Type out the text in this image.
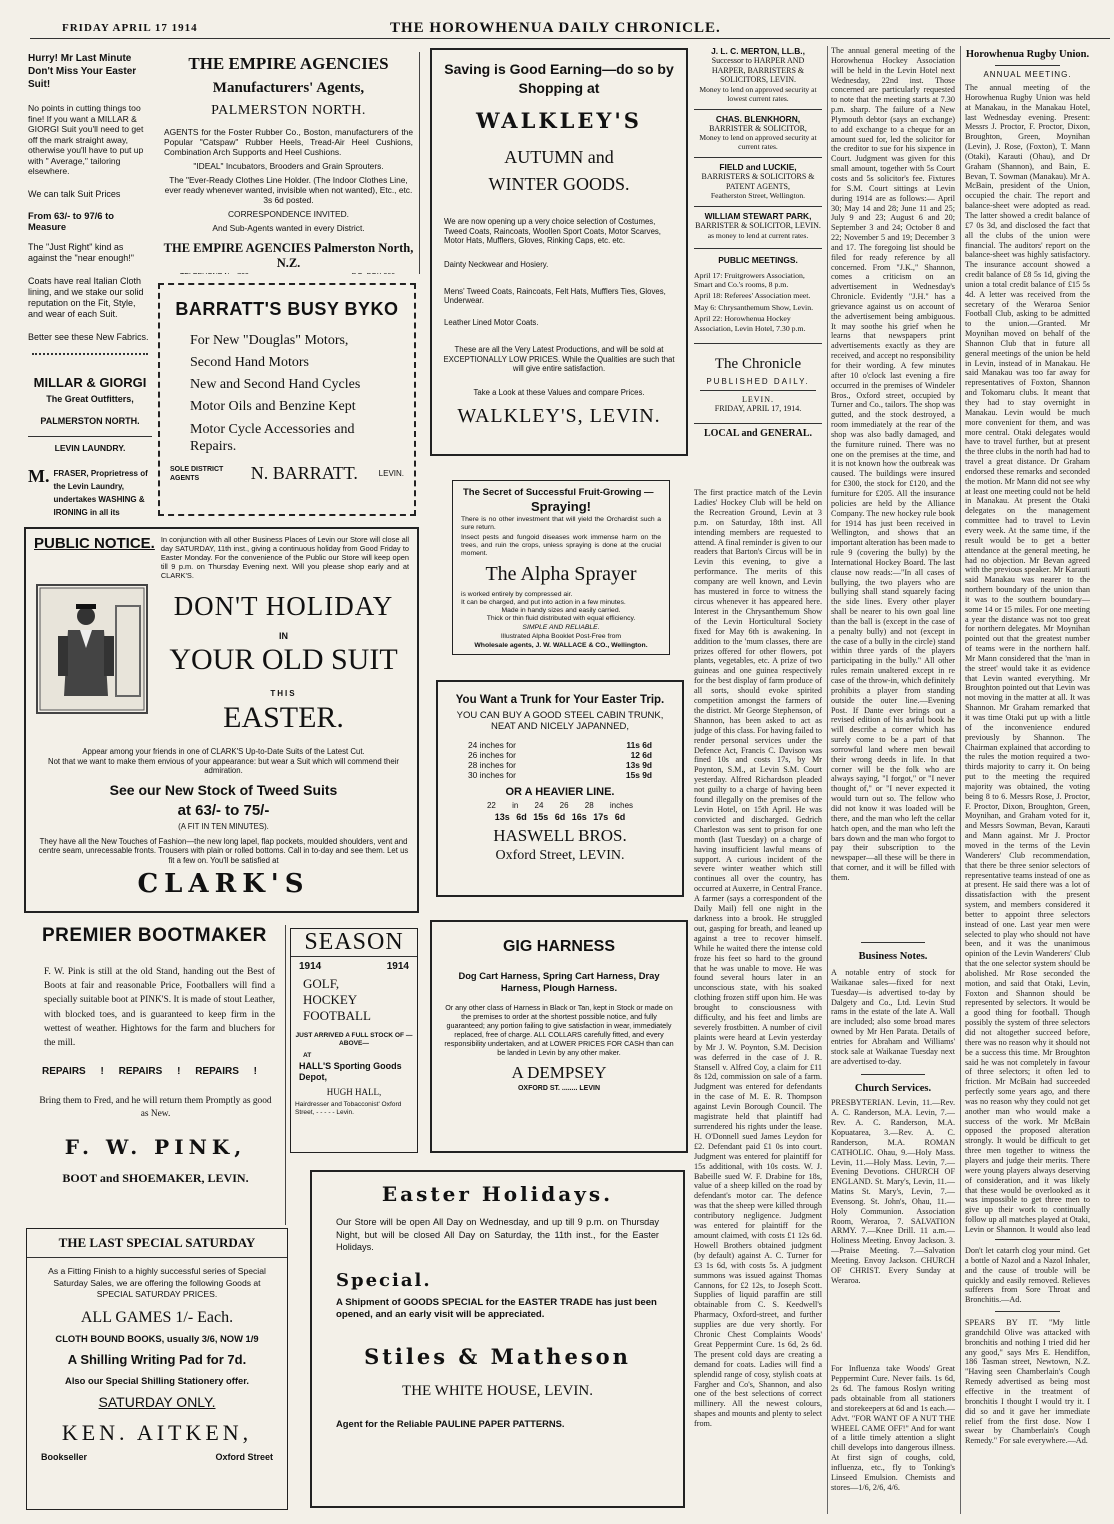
FRIDAY APRIL 17 1914	THE HOROWHENUA DAILY CHRONICLE.
Hurry! Mr Last Minute
Don't Miss Your Easter Suit!
No points in cutting things too fine! If you want a MILLAR & GIORGI Suit you'll need to get off the mark straight away, otherwise you'll have to put up with " Average," tailoring elsewhere.
We can talk Suit Prices
From 63/- to 97/6 to Measure
The "Just Right" kind as against the "near enough!"
Coats have real Italian Cloth lining, and we stake our solid reputation on the Fit, Style, and wear of each Suit.
Better see these New Fabrics.
MILLAR & GIORGI
The Great Outfitters,
PALMERSTON NORTH.
LEVIN LAUNDRY.
M. FRASER, Proprietress of the Levin Laundry, undertakes WASHING & IRONING in all its
THE EMPIRE AGENCIES
Manufacturers' Agents,
PALMERSTON NORTH.
AGENTS for the Foster Rubber Co., Boston, manufacturers of the Popular "Catspaw" Rubber Heels, Tread-Air Heel Cushions, Combination Arch Supports and Heel Cushions.
"IDEAL" Incubators, Brooders and Grain Sprouters.
The "Ever-Ready Clothes Line Holder. (The Indoor Clothes Line, ever ready whenever wanted, invisible when not wanted), Etc., etc. 3s 6d posted.
CORRESPONDENCE INVITED.
And Sub-Agents wanted in every District.
THE EMPIRE AGENCIES Palmerston North, N.Z.
BARRATT'S BUSY BYKO
For New "Douglas" Motors,
Second Hand Motors
New and Second Hand Cycles
Motor Oils and Benzine Kept
Motor Cycle Accessories and Repairs.
SOLE DISTRICT AGENTS	N. BARRATT.	LEVIN.
Saving is Good Earning—do so by Shopping at
WALKLEY'S
AUTUMN and
WINTER GOODS.
We are now opening up a very choice selection of Costumes, Tweed Coats, Raincoats, Woollen Sport Coats, Motor Scarves, Motor Hats, Mufflers, Gloves, Rinking Caps, etc. etc.
Dainty Neckwear and Hosiery.
Mens' Tweed Coats, Raincoats, Felt Hats, Mufflers Ties, Gloves, Underwear.
Leather Lined Motor Coats.
These are all the Very Latest Productions, and will be sold at EXCEPTIONALLY LOW PRICES. While the Qualities are such that will give entire satisfaction.
Take a Look at these Values and compare Prices.
WALKLEY'S, LEVIN.
The Secret of Successful Fruit-Growing —
Spraying!
There is no other investment that will yield the Orchardist such a sure return.
Insect pests and fungoid diseases work immense harm on the trees, and ruin the crops, unless spraying is done at the crucial moment.
The Alpha Sprayer
is worked entirely by compressed air.
It can be charged, and put into action in a few minutes.
Made in handy sizes and easily carried.
Thick or thin fluid distributed with equal efficiency.
SIMPLE AND RELIABLE.
Illustrated Alpha Booklet Post-Free from
Wholesale agents, J. W. WALLACE & CO., Wellington.
PUBLIC NOTICE. In conjunction with all other Business Places of Levin our Store will close all day SATURDAY, 11th inst., giving a continuous holiday from Good Friday to Easter Monday. For the convenience of the Public our Store will keep open till 9 p.m. on Thursday Evening next. Will you please shop early and at CLARK'S.
DON'T HOLIDAY
IN
YOUR OLD SUIT
THIS
EASTER.
Appear among your friends in one of CLARK'S Up-to-Date Suits of the Latest Cut.
Not that we want to make them envious of your appearance: but wear a Suit which will commend their admiration.
See our New Stock of Tweed Suits
at 63/- to 75/-
(A FIT IN TEN MINUTES).
They have all the New Touches of Fashion—the new long lapel, flap pockets, moulded shoulders, vent and centre seam, unrecessable fronts. Trousers with plain or rolled bottoms. Call in to-day and see them. Let us fit a few on. You'll be satisfied at
CLARK'S
You Want a Trunk for Your Easter Trip.
YOU CAN BUY A GOOD STEEL CABIN TRUNK, NEAT AND NICELY JAPANNED,
24 inches for	11s 6d
26 inches for	12 6d
28 inches for	13s 9d
30 inches for	15s 9d
OR A HEAVIER LINE.
22 in 24 26 28 inches
13s 6d 15s 6d 16s 17s 6d
HASWELL BROS.
Oxford Street, LEVIN.
PREMIER BOOTMAKER
F. W. Pink is still at the old Stand, handing out the Best of Boots at fair and reasonable Price, Footballers will find a specially suitable boot at PINK'S. It is made of stout Leather, with blocked toes, and is guaranteed to keep firm in the wettest of weather. Hightows for the farm and bluchers for the mill.
REPAIRS ! REPAIRS ! REPAIRS !
Bring them to Fred, and he will return them Promptly as good as New.
F. W. PINK,
BOOT and SHOEMAKER, LEVIN.
THE LAST SPECIAL SATURDAY
As a Fitting Finish to a highly successful series of Special Saturday Sales, we are offering the following Goods at SPECIAL SATURDAY PRICES.
ALL GAMES 1/- Each.
CLOTH BOUND BOOKS, usually 3/6, NOW 1/9
A Shilling Writing Pad for 7d.
Also our Special Shilling Stationery offer.
SATURDAY ONLY.
KEN. AITKEN,
Bookseller	Oxford Street
SEASON
1914	1914
GOLF,
HOCKEY
FOOTBALL
JUST ARRIVED A FULL STOCK OF —ABOVE—
AT
HALL'S Sporting Goods Depot,
HUGH HALL,
Hairdresser and Tobacconist' Oxford Street, - - - - - Levin.
GIG HARNESS
Dog Cart Harness, Spring Cart Harness, Dray Harness, Plough Harness.
Or any other class of Harness in Black or Tan, kept in Stock or made on the premises to order at the shortest possible notice, and fully guaranteed; any portion failing to give satisfaction in wear, immediately replaced, free of charge. ALL COLLARS carefully fitted, and every responsibility undertaken, and at LOWER PRICES FOR CASH than can be landed in Levin by any other maker.
A DEMPSEY
OXFORD ST. ........ LEVIN
Easter Holidays.
Our Store will be open All Day on Wednesday, and up till 9 p.m. on Thursday Night, but will be closed All Day on Saturday, the 11th inst., for the Easter Holidays.
Special.
A Shipment of GOODS SPECIAL for the EASTER TRADE has just been opened, and an early visit will be appreciated.
Stiles & Matheson
THE WHITE HOUSE, LEVIN.
Agent for the Reliable PAULINE PAPER PATTERNS.
J. L. C. MERTON, LL.B.,
Successor to HARPER AND HARPER, BARRISTERS & SOLICITORS, LEVIN.
Money to lend on approved security at lowest current rates.
CHAS. BLENKHORN,
BARRISTER & SOLICITOR,
Money to lend on approved security at current rates.
FIELD and LUCKIE,
BARRISTERS & SOLICITORS & PATENT AGENTS,
Featherston Street, Wellington.
WILLIAM STEWART PARK,
BARRISTER & SOLICITOR, LEVIN.
as money to lend at current rates.
PUBLIC MEETINGS.
April 17: Fruitgrowers Association, Smart and Co.'s rooms, 8 p.m.
April 18: Referees' Association meet.
May 6: Chrysanthemum Show, Levin.
April 22: Horowhenua Hockey Association, Levin Hotel, 7.30 p.m.
The Chronicle
PUBLISHED DAILY.
LEVIN.
FRIDAY, APRIL 17, 1914.
LOCAL and GENERAL.
The first practice match of the Levin Ladies' Hockey Club will be held on the Recreation Ground, Levin at 3 p.m. on Saturday, 18th inst. All intending members are requested to attend. A final reminder is given to our readers that Barton's Circus will be in Levin this evening, to give a performance. The merits of this company are well known, and Levin has mustered in force to witness the circus whenever it has appeared here. Interest in the Chrysanthemum Show of the Levin Horticultural Society fixed for May 6th is awakening. In addition to the 'mum classes, there are prizes offered for other flowers, pot plants, vegetables, etc. A prize of two guineas and one guinea respectively for the best display of farm produce of all sorts, should evoke spirited competition amongst the farmers of the district. Mr George Stephenson, of Shannon, has been asked to act as judge of this class. For having failed to render personal services under the Defence Act, Francis C. Davison was fined 10s and costs 17s, by Mr Poynton, S.M., at Levin S.M. Court yesterday. Alfred Richardson pleaded not guilty to a charge of having been found illegally on the premises of the Levin Hotel, on 15th April. He was convicted and discharged. Gedrich Charleston was sent to prison for one month (last Tuesday) on a charge of having insufficient lawful means of support. A curious incident of the severe winter weather which still continues all over the country, has occurred at Auxerre, in Central France. A farmer (says a correspondent of the Daily Mail) fell one night in the darkness into a brook. He struggled out, gasping for breath, and leaned up against a tree to recover himself. While he waited there the intense cold froze his feet so hard to the ground that he was unable to move. He was found several hours later in an unconscious state, with his soaked clothing frozen stiff upon him. He was brought to consciousness with difficulty, and his feet and limbs are severely frostbitten. A number of civil plaints were heard at Levin yesterday by Mr J. W. Poynton, S.M. Decision was deferred in the case of J. R. Stansell v. Alfred Coy, a claim for £11 8s 12d, commission on sale of a farm. Judgment was entered for defendants in the case of M. E. R. Thompson against Levin Borough Council. The magistrate held that plaintiff had surrendered his rights under the lease. H. O'Donnell sued James Leydon for £2. Defendant paid £1 0s into court. Judgment was entered for plaintiff for 15s additional, with 10s costs. W. J. Babeille sued W. F. Drabine for 18s, value of a sheep killed on the road by defendant's motor car. The defence was that the sheep were killed through contributory negligence. Judgment was entered for plaintiff for the amount claimed, with costs £1 12s 6d. Howell Brothers obtained judgment (by default) against A. C. Turner for £3 1s 6d, with costs 5s. A judgment summons was issued against Thomas Cannons, for £2 12s, to Joseph Scott. Supplies of liquid paraffin are still obtainable from C. S. Keedwell's Pharmacy, Oxford-street, and further supplies are due very shortly. For Chronic Chest Complaints Woods' Great Peppermint Cure. 1s 6d, 2s 6d. The present cold days are creating a demand for coats. Ladies will find a splendid range of cosy, stylish coats at Fargher and Co's, Shannon, and also one of the best selections of correct millinery. All the newest colours, shapes and mounts and plenty to select from.
The annual general meeting of the Horowhenua Hockey Association will be held in the Levin Hotel next Wednesday, 22nd inst. Those concerned are particularly requested to note that the meeting starts at 7.30 p.m. sharp. The failure of a New Plymouth debtor (says an exchange) to add exchange to a cheque for an amount sued for, led the solicitor for the creditor to sue for his sixpence in Court. Judgment was given for this small amount, together with 5s Court costs and 5s solicitor's fee. Fixtures for S.M. Court sittings at Levin during 1914 are as follows:— April 30; May 14 and 28; June 11 and 25; July 9 and 23; August 6 and 20; September 3 and 24; October 8 and 22; November 5 and 19; December 3 and 17. The foregoing list should be filed for ready reference by all concerned. From "J.K.," Shannon, comes a criticism on an advertisement in Wednesday's Chronicle. Evidently "J.H." has a grievance against us on account of the advertisement being ambiguous. It may soothe his grief when he learns that newspapers print advertisements exactly as they are received, and accept no responsibility for their wording. A few minutes after 10 o'clock last evening a fire occurred in the premises of Windeler Bros., Oxford street, occupied by Turner and Co., tailors. The shop was gutted, and the stock destroyed, a room immediately at the rear of the shop was also badly damaged, and the furniture ruined. There was no one on the premises at the time, and it is not known how the outbreak was caused. The buildings were insured for £300, the stock for £120, and the furniture for £205. All the insurance policies are held by the Alliance Company. The new hockey rule book for 1914 has just been received in Wellington, and shows that an important alteration has been made to rule 9 (covering the bully) by the International Hockey Board. The last clause now reads:—"In all cases of bullying, the two players who are bullying shall stand squarely facing the side lines. Every other player shall be nearer to his own goal line than the ball is (except in the case of a penalty bully) and not (except in the case of a bully in the circle) stand within three yards of the players participating in the bully." All other rules remain unaltered except in re case of the throw-in, which definitely prohibits a player from standing outside the outer line.—Evening Post. If Dante ever brings out a revised edition of his awful book he will describe a corner which has surely come to be a part of that sorrowful land where men bewail their wrong deeds in life. In that corner will be the folk who are always saying, "I forgot," or "I never thought of," or "I never expected it would turn out so. The fellow who did not know it was loaded will be there, and the man who left the cellar hatch open, and the man who left the bars down and the man who forgot to pay their subscription to the newspaper—all these will be there in that corner, and it will be filled with them.
Business Notes.
A notable entry of stock for Waikanae sales—fixed for next Tuesday—is advertised to-day by Dalgety and Co., Ltd. Levin Stud rams in the estate of the late A. Wall are included; also some broad mares owned by Mr Hen Parata. Details of entries for Abraham and Williams' stock sale at Waikanae Tuesday next are advertised to-day.
Church Services.
PRESBYTERIAN. Levin, 11.—Rev. A. C. Randerson, M.A. Levin, 7.—Rev. A. C. Randerson, M.A. Kopuatarea, 3.—Rev. A. C. Randerson, M.A. ROMAN CATHOLIC. Ohau, 9.—Holy Mass. Levin, 11.—Holy Mass. Levin, 7.—Evening Devotions. CHURCH OF ENGLAND. St. Mary's, Levin, 11.—Matins St. Mary's, Levin, 7.—Evensong. St. John's, Ohau, 11.—Holy Communion. Association Room, Weraroa, 7. SALVATION ARMY. 7.—Knee Drill. 11 a.m.—Holiness Meeting. Envoy Jackson. 3.—Praise Meeting. 7.—Salvation Meeting. Envoy Jackson. CHURCH OF CHRIST. Every Sunday at Weraroa.
For Influenza take Woods' Great Peppermint Cure. Never fails. 1s 6d, 2s 6d. The famous Roslyn writing pads obtainable from all stationers and storekeepers at 6d and 1s each.—Advt. "FOR WANT OF A NUT THE WHEEL CAME OFF!" And for want of a little timely attention a slight chill develops into dangerous illness. At first sign of coughs, cold, influenza, etc., fly to Tonking's Linseed Emulsion. Chemists and stores—1/6, 2/6, 4/6.
Horowhenua Rugby Union.
ANNUAL MEETING.
The annual meeting of the Horowhenua Rugby Union was held at Manakau, in the Manakau Hotel, last Wednesday evening. Present: Messrs J. Proctor, F. Proctor, Dixon, Broughton, Green, Moynihan (Levin), J. Rose, (Foxton), T. Mann (Otaki), Karauti (Ohau), and Dr Graham (Shannon), and Bain, E. Bevan, T. Sowman (Manakau). Mr A. McBain, president of the Union, occupied the chair. The report and balance-sheet were adopted as read. The latter showed a credit balance of £7 0s 3d, and disclosed the fact that all the clubs of the union were financial. The auditors' report on the balance-sheet was highly satisfactory. The insurance account showed a credit balance of £8 5s 1d, giving the union a total credit balance of £15 5s 4d. A letter was received from the secretary of the Weraroa Senior Football Club, asking to be admitted to the union.—Granted. Mr Moynihan moved on behalf of the Shannon Club that in future all general meetings of the union be held in Levin, instead of in Manakau. He said Manakau was too far away for representatives of Foxton, Shannon and Tokomaru clubs. It meant that they had to stay overnight in Manakau. Levin would be much more convenient for them, and was more central. Otaki delegates would have to travel further, but at present the three clubs in the north had had to travel a great distance. Dr Graham endorsed these remarks and seconded the motion. Mr Mann did not see why at least one meeting could not be held in Manakau. At present the Otaki delegates on the management committee had to travel to Levin every week. At the same time, if the result would be to get a better attendance at the general meeting, he had no objection. Mr Bevan agreed with the previous speaker. Mr Karauti said Manakau was nearer to the northern boundary of the union than it was to the southern boundary—some 14 or 15 miles. For one meeting a year the distance was not too great for northern delegates. Mr Moynihan pointed out that the greatest number of teams were in the northern half. Mr Mann considered that the 'man in the street' would take it as evidence that Levin wanted everything. Mr Broughton pointed out that Levin was not moving in the matter at all. It was Shannon. Mr Graham remarked that it was time Otaki put up with a little of the inconvenience endured previously by Shannon. The Chairman explained that according to the rules the motion required a two-thirds majority to carry it. On being put to the meeting the required majority was obtained, the voting being 8 to 6. Messrs Rose, J. Proctor, F. Proctor, Dixon, Broughton, Green, Moynihan, and Graham voted for it, and Messrs Sowman, Bevan, Karauti and Mann against. Mr J. Proctor moved in the terms of the Levin Wanderers' Club recommendation, that there be three senior selectors of representative teams instead of one as at present. He said there was a lot of dissatisfaction with the present system, and members considered it better to appoint three selectors instead of one. Last year men were selected to play who should not have been, and it was the unanimous opinion of the Levin Wanderers' Club that the one selector system should be abolished. Mr Rose seconded the motion, and said that Otaki, Levin, Foxton and Shannon should be represented by selectors. It would be a good thing for football. Though possibly the system of three selectors did not altogether succeed before, there was no reason why it should not be a success this time. Mr Broughton said he was not completely in favour of three selectors; it often led to friction. Mr McBain had succeeded perfectly some years ago, and there was no reason why they could not get another man who would make a success of the work. Mr McBain opposed the proposed alteration strongly. It would be difficult to get three men together to witness the players and judge their merits. There were young players always deserving of consideration, and it was likely that these would be overlooked as it was impossible to get three men to give up their work to continually follow up all matches played at Otaki, Levin or Shannon. It would also lead
Don't let catarrh clog your mind. Get a bottle of Nazol and a Nazol Inhaler, and the cause of trouble will be quickly and easily removed. Relieves sufferers from Sore Throat and Bronchitis.—Ad.
SPEARS BY IT. "My little grandchild Olive was attacked with bronchitis and nothing I tried did her any good," says Mrs E. Hendiffon, 186 Tasman street, Newtown, N.Z. "Having seen Chamberlain's Cough Remedy advertised as being most effective in the treatment of bronchitis I thought I would try it. I did so and it gave her immediate relief from the first dose. Now I swear by Chamberlain's Cough Remedy." For sale everywhere.—Ad.
